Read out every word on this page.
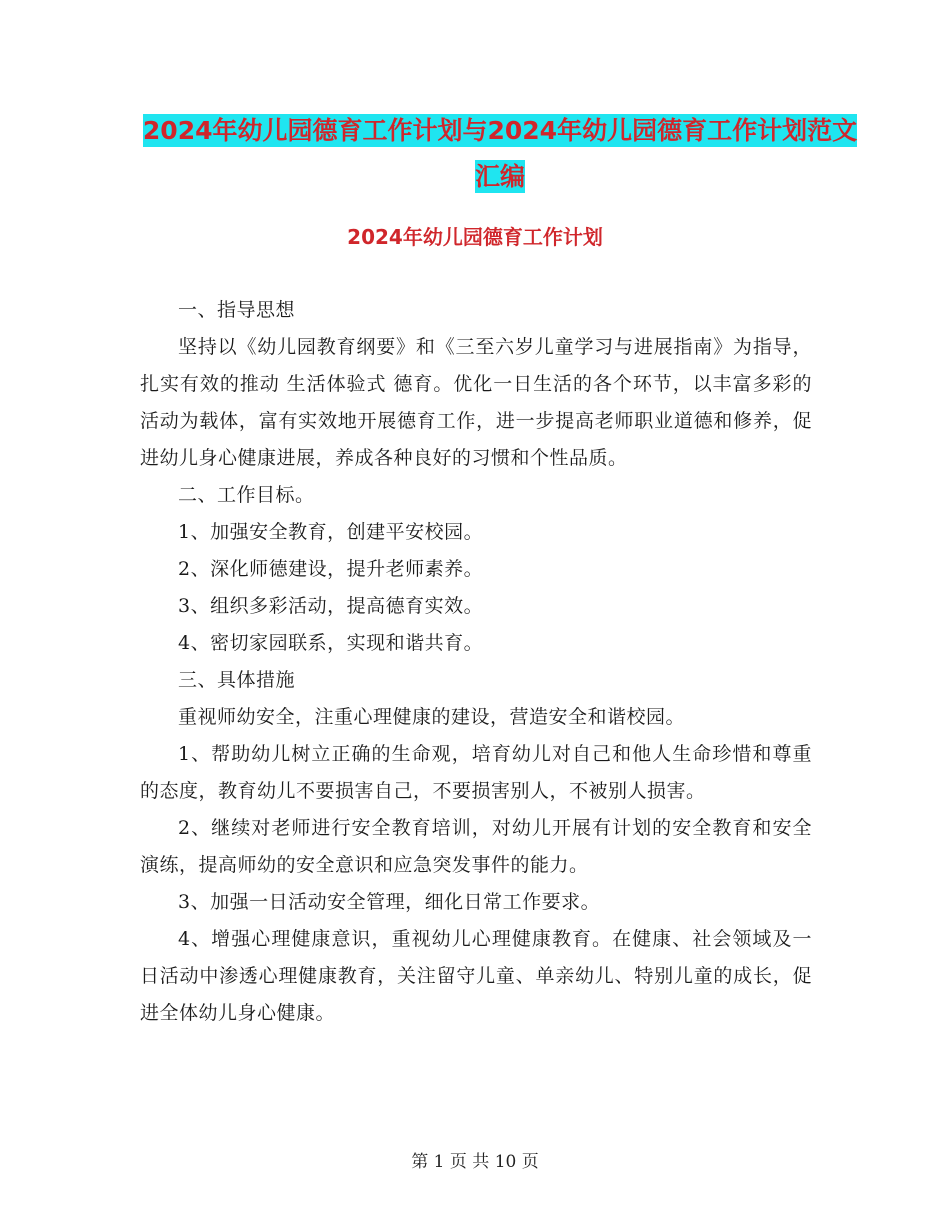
2024年幼儿园德育工作计划与2024年幼儿园德育工作计划范文汇编
2024年幼儿园德育工作计划

一、指导思想

坚持以《幼儿园教育纲要》和《三至六岁儿童学习与进展指南》为指导，扎实有效的推动 生活体验式 德育。优化一日生活的各个环节，以丰富多彩的活动为载体，富有实效地开展德育工作，进一步提高老师职业道德和修养，促进幼儿身心健康进展，养成各种良好的习惯和个性品质。

二、工作目标。

1、加强安全教育，创建平安校园。

2、深化师德建设，提升老师素养。

3、组织多彩活动，提高德育实效。

4、密切家园联系，实现和谐共育。

三、具体措施

重视师幼安全，注重心理健康的建设，营造安全和谐校园。

1、帮助幼儿树立正确的生命观，培育幼儿对自己和他人生命珍惜和尊重的态度，教育幼儿不要损害自己，不要损害别人，不被别人损害。

2、继续对老师进行安全教育培训，对幼儿开展有计划的安全教育和安全演练，提高师幼的安全意识和应急突发事件的能力。

3、加强一日活动安全管理，细化日常工作要求。

4、增强心理健康意识，重视幼儿心理健康教育。在健康、社会领域及一日活动中渗透心理健康教育，关注留守儿童、单亲幼儿、特别儿童的成长，促进全体幼儿身心健康。

第 1 页 共 10 页
